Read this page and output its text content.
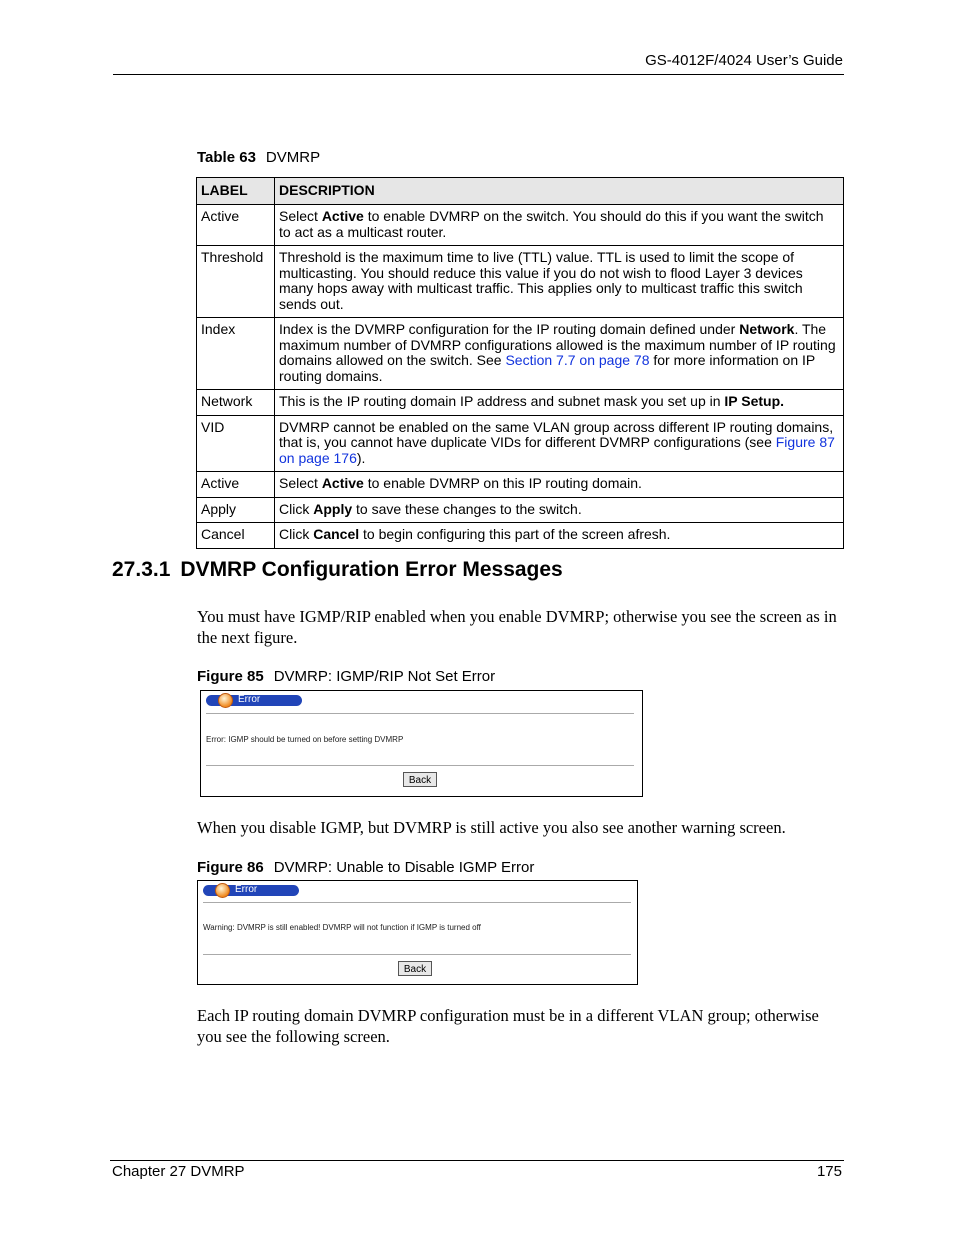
GS-4012F/4024 User’s Guide
Table 63 DVMRP
LABEL	DESCRIPTION
Active	Select Active to enable DVMRP on the switch. You should do this if you want the switch to act as a multicast router.
Threshold	Threshold is the maximum time to live (TTL) value. TTL is used to limit the scope of multicasting. You should reduce this value if you do not wish to flood Layer 3 devices many hops away with multicast traffic. This applies only to multicast traffic this switch sends out.
Index	Index is the DVMRP configuration for the IP routing domain defined under Network. The maximum number of DVMRP configurations allowed is the maximum number of IP routing domains allowed on the switch. See Section 7.7 on page 78 for more information on IP routing domains.
Network	This is the IP routing domain IP address and subnet mask you set up in IP Setup.
VID	DVMRP cannot be enabled on the same VLAN group across different IP routing domains, that is, you cannot have duplicate VIDs for different DVMRP configurations (see Figure 87 on page 176).
Active	Select Active to enable DVMRP on this IP routing domain.
Apply	Click Apply to save these changes to the switch.
Cancel	Click Cancel to begin configuring this part of the screen afresh.
27.3.1 DVMRP Configuration Error Messages
You must have IGMP/RIP enabled when you enable DVMRP; otherwise you see the screen as in the next figure.
Figure 85 DVMRP: IGMP/RIP Not Set Error
Error
Error: IGMP should be turned on before setting DVMRP
Back
When you disable IGMP, but DVMRP is still active you also see another warning screen.
Figure 86 DVMRP: Unable to Disable IGMP Error
Error
Warning: DVMRP is still enabled! DVMRP will not function if IGMP is turned off
Back
Each IP routing domain DVMRP configuration must be in a different VLAN group; otherwise you see the following screen.
Chapter 27 DVMRP	175
